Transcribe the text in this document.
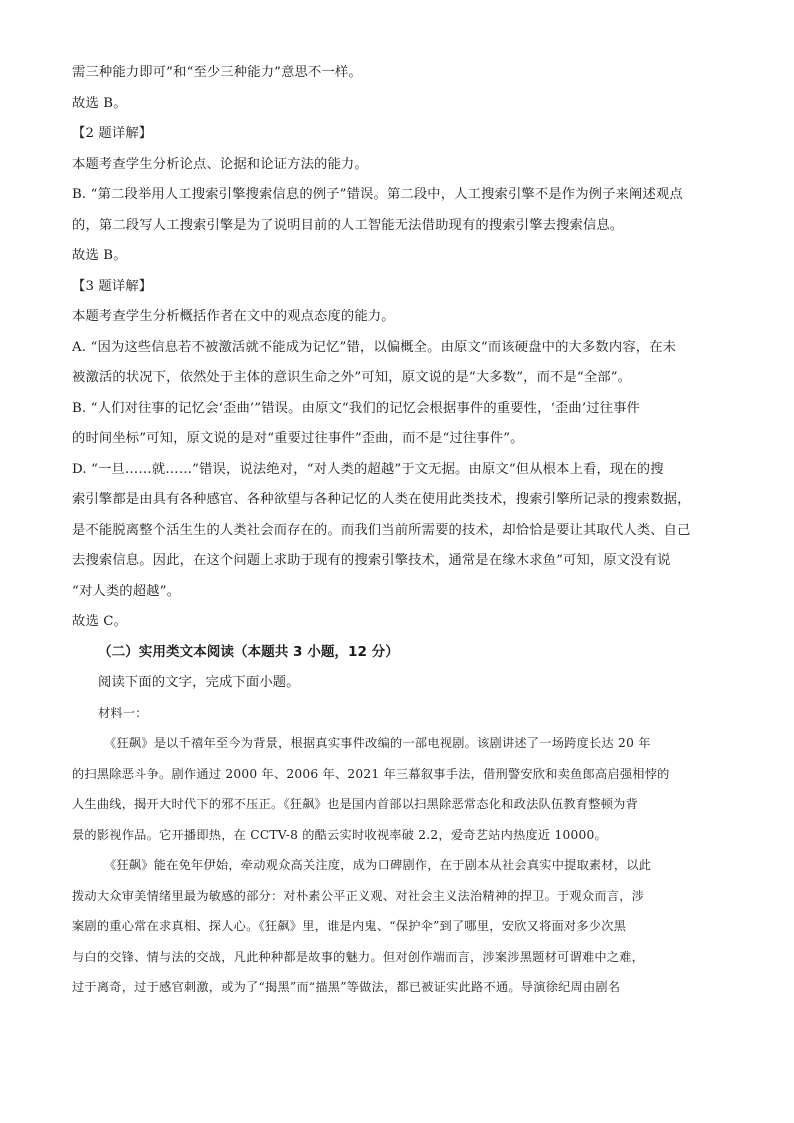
需三种能力即可”和“至少三种能力”意思不一样。

故选 B。

【2 题详解】

本题考查学生分析论点、论据和论证方法的能力。

B. “第二段举用人工搜索引擎搜索信息的例子”错误。第二段中，人工搜索引擎不是作为例子来阐述观点

的，第二段写人工搜索引擎是为了说明目前的人工智能无法借助现有的搜索引擎去搜索信息。

故选 B。

【3 题详解】

本题考查学生分析概括作者在文中的观点态度的能力。

A. “因为这些信息若不被激活就不能成为记忆”错，以偏概全。由原文“而该硬盘中的大多数内容，在未

被激活的状况下，依然处于主体的意识生命之外”可知，原文说的是“大多数”，而不是“全部”。

B. “人们对往事的记忆会‘歪曲’”错误。由原文“我们的记忆会根据事件的重要性，‘歪曲’过往事件

的时间坐标”可知，原文说的是对“重要过往事件”歪曲，而不是“过往事件”。

D. “一旦……就……”错误，说法绝对，“对人类的超越”于文无据。由原文“但从根本上看，现在的搜

索引擎都是由具有各种感官、各种欲望与各种记忆的人类在使用此类技术，搜索引擎所记录的搜索数据，

是不能脱离整个活生生的人类社会而存在的。而我们当前所需要的技术，却恰恰是要让其取代人类、自己

去搜索信息。因此，在这个问题上求助于现有的搜索引擎技术，通常是在缘木求鱼”可知，原文没有说

“对人类的超越”。

故选 C。

（二）实用类文本阅读（本题共 3 小题，12 分）

阅读下面的文字，完成下面小题。

材料一：

《狂飙》是以千禧年至今为背景，根据真实事件改编的一部电视剧。该剧讲述了一场跨度长达 20 年

的扫黑除恶斗争。剧作通过 2000 年、2006 年、2021 年三幕叙事手法，借刑警安欣和卖鱼郎高启强相悖的

人生曲线，揭开大时代下的邪不压正。《狂飙》也是国内首部以扫黑除恶常态化和政法队伍教育整顿为背

景的影视作品。它开播即热，在 CCTV-8 的酷云实时收视率破 2.2，爱奇艺站内热度近 10000。

《狂飙》能在免年伊始，牵动观众高关注度，成为口碑剧作，在于剧本从社会真实中提取素材，以此

拨动大众审美情绪里最为敏感的部分：对朴素公平正义观、对社会主义法治精神的捍卫。于观众而言，涉

案剧的重心常在求真相、探人心。《狂飙》里，谁是内鬼、“保护伞”到了哪里，安欣又将面对多少次黑

与白的交锋、情与法的交战，凡此种种都是故事的魅力。但对创作端而言，涉案涉黑题材可谓难中之难，

过于离奇，过于感官刺激，或为了“揭黑”而“描黑”等做法，都已被证实此路不通。导演徐纪周由剧名
